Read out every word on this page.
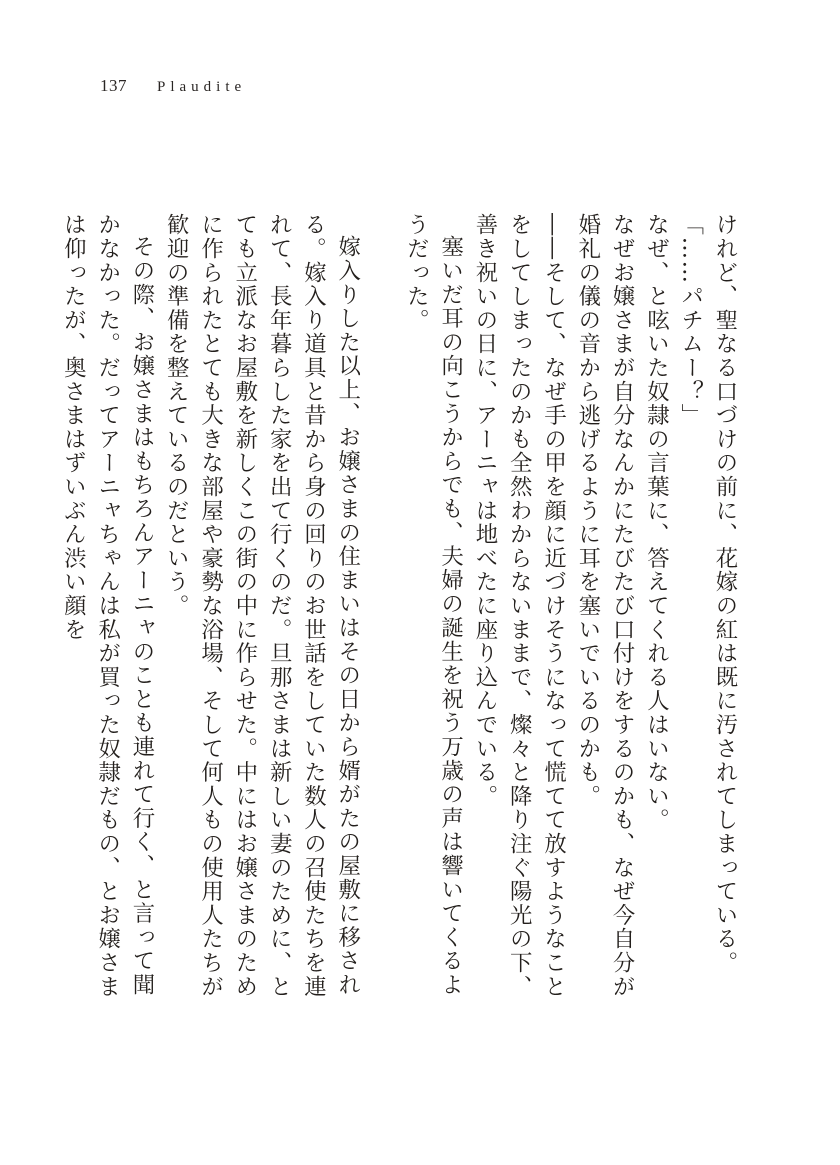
137 Plaudite

けれど、聖なる口づけの前に、花嫁の紅は既に汚されてしまっている。

「……パチムー？」

なぜ、と呟いた奴隷の言葉に、答えてくれる人はいない。

なぜお嬢さまが自分なんかにたびたび口付けをするのかも、なぜ今自分が婚礼の儀の音から逃げるように耳を塞いでいるのかも。

――そして、なぜ手の甲を顔に近づけそうになって慌てて放すようなことをしてしまったのかも全然わからないままで、燦々と降り注ぐ陽光の下、善き祝いの日に、アーニャは地べたに座り込んでいる。

塞いだ耳の向こうからでも、夫婦の誕生を祝う万歳の声は響いてくるようだった。

嫁入りした以上、お嬢さまの住まいはその日から婿がたの屋敷に移される。嫁入り道具と昔から身の回りのお世話をしていた数人の召使たちを連れて、長年暮らした家を出て行くのだ。旦那さまは新しい妻のために、とても立派なお屋敷を新しくこの街の中に作らせた。中にはお嬢さまのために作られたとても大きな部屋や豪勢な浴場、そして何人もの使用人たちが歓迎の準備を整えているのだという。

その際、お嬢さまはもちろんアーニャのことも連れて行く、と言って聞かなかった。だってアーニャちゃんは私が買った奴隷だもの、とお嬢さまは仰ったが、奥さまはずいぶん渋い顔を
